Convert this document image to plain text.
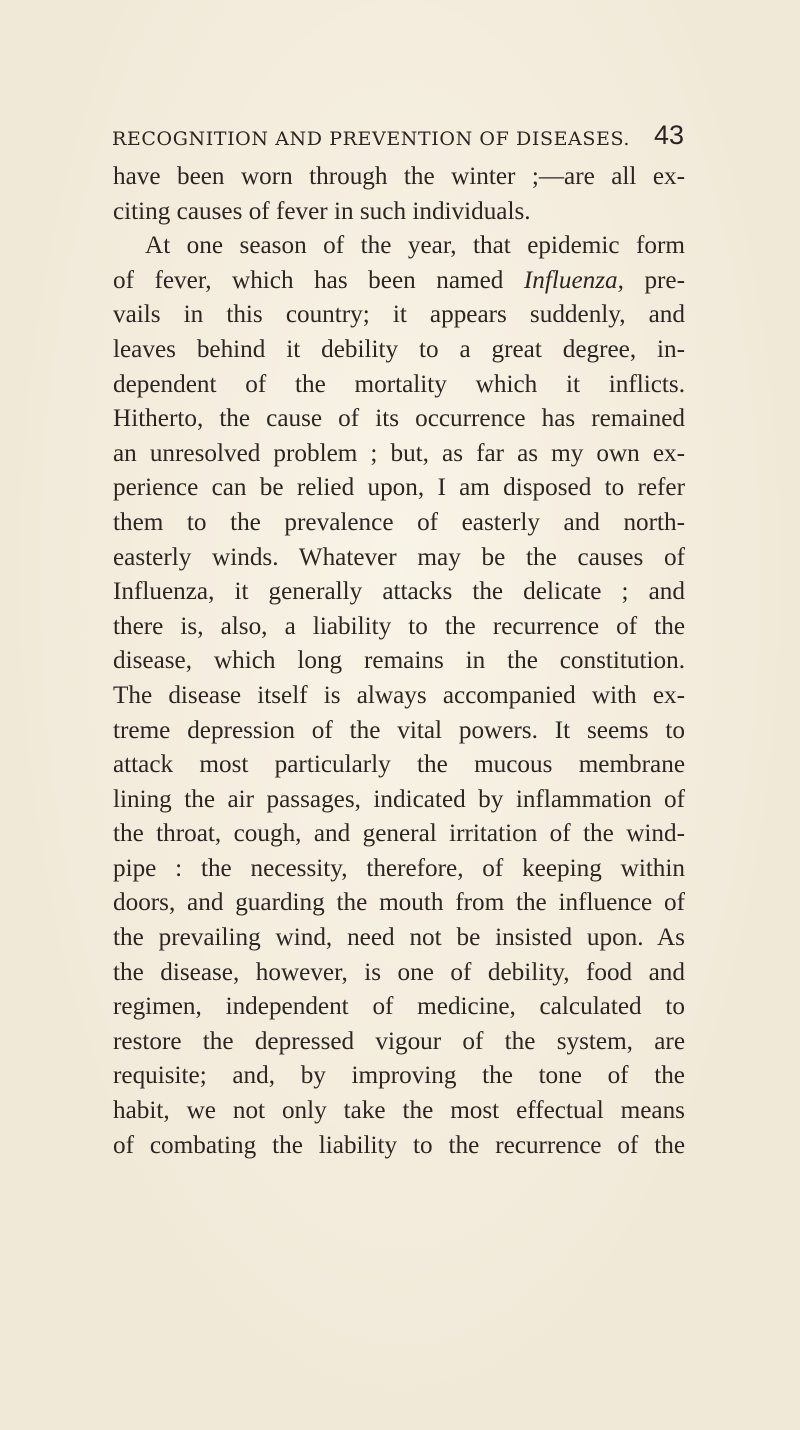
RECOGNITION AND PREVENTION OF DISEASES. 43
have been worn through the winter ;—are all ex-
citing causes of fever in such individuals.
At one season of the year, that epidemic form
of fever, which has been named Influenza, pre-
vails in this country; it appears suddenly, and
leaves behind it debility to a great degree, in-
dependent of the mortality which it inflicts.
Hitherto, the cause of its occurrence has remained
an unresolved problem ; but, as far as my own ex-
perience can be relied upon, I am disposed to refer
them to the prevalence of easterly and north-
easterly winds. Whatever may be the causes of
Influenza, it generally attacks the delicate ; and
there is, also, a liability to the recurrence of the
disease, which long remains in the constitution.
The disease itself is always accompanied with ex-
treme depression of the vital powers. It seems to
attack most particularly the mucous membrane
lining the air passages, indicated by inflammation of
the throat, cough, and general irritation of the wind-
pipe : the necessity, therefore, of keeping within
doors, and guarding the mouth from the influence of
the prevailing wind, need not be insisted upon. As
the disease, however, is one of debility, food and
regimen, independent of medicine, calculated to
restore the depressed vigour of the system, are
requisite; and, by improving the tone of the
habit, we not only take the most effectual means
of combating the liability to the recurrence of the
